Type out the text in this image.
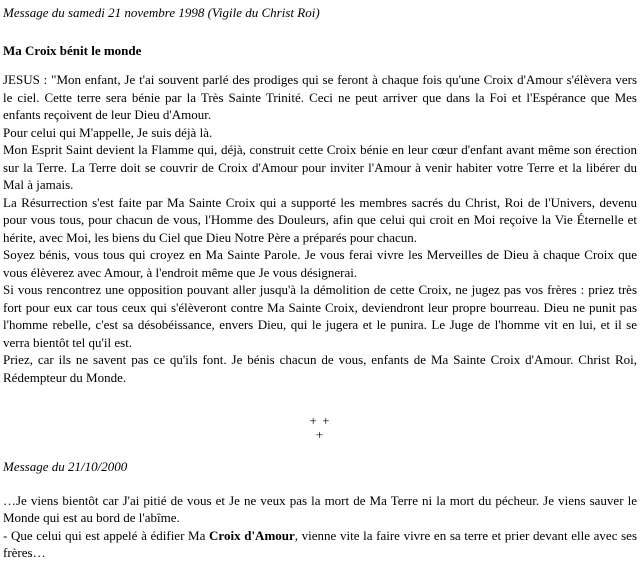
Message du samedi 21 novembre 1998 (Vigile du Christ Roi)
Ma Croix bénit le monde

JESUS : "Mon enfant, Je t'ai souvent parlé des prodiges qui se feront à chaque fois qu'une Croix d'Amour s'élèvera vers le ciel. Cette terre sera bénie par la Très Sainte Trinité. Ceci ne peut arriver que dans la Foi et l'Espérance que Mes enfants reçoivent de leur Dieu d'Amour.

Pour celui qui M'appelle, Je suis déjà là.

Mon Esprit Saint devient la Flamme qui, déjà, construit cette Croix bénie en leur cœur d'enfant avant même son érection sur la Terre. La Terre doit se couvrir de Croix d'Amour pour inviter l'Amour à venir habiter votre Terre et la libérer du Mal à jamais.

La Résurrection s'est faite par Ma Sainte Croix qui a supporté les membres sacrés du Christ, Roi de l'Univers, devenu pour vous tous, pour chacun de vous, l'Homme des Douleurs, afin que celui qui croit en Moi reçoive la Vie Éternelle et hérite, avec Moi, les biens du Ciel que Dieu Notre Père a préparés pour chacun.

Soyez bénis, vous tous qui croyez en Ma Sainte Parole. Je vous ferai vivre les Merveilles de Dieu à chaque Croix que vous élèverez avec Amour, à l'endroit même que Je vous désignerai.

Si vous rencontrez une opposition pouvant aller jusqu'à la démolition de cette Croix, ne jugez pas vos frères : priez très fort pour eux car tous ceux qui s'élèveront contre Ma Sainte Croix, deviendront leur propre bourreau. Dieu ne punit pas l'homme rebelle, c'est sa désobéissance, envers Dieu, qui le jugera et le punira. Le Juge de l'homme vit en lui, et il se verra bientôt tel qu'il est.

Priez, car ils ne savent pas ce qu'ils font. Je bénis chacun de vous, enfants de Ma Sainte Croix d'Amour. Christ Roi, Rédempteur du Monde.

+ +
+
Message du 21/10/2000

…Je viens bientôt car J'ai pitié de vous et Je ne veux pas la mort de Ma Terre ni la mort du pécheur. Je viens sauver le Monde qui est au bord de l'abîme.

- Que celui qui est appelé à édifier Ma Croix d'Amour, vienne vite la faire vivre en sa terre et prier devant elle avec ses frères…
